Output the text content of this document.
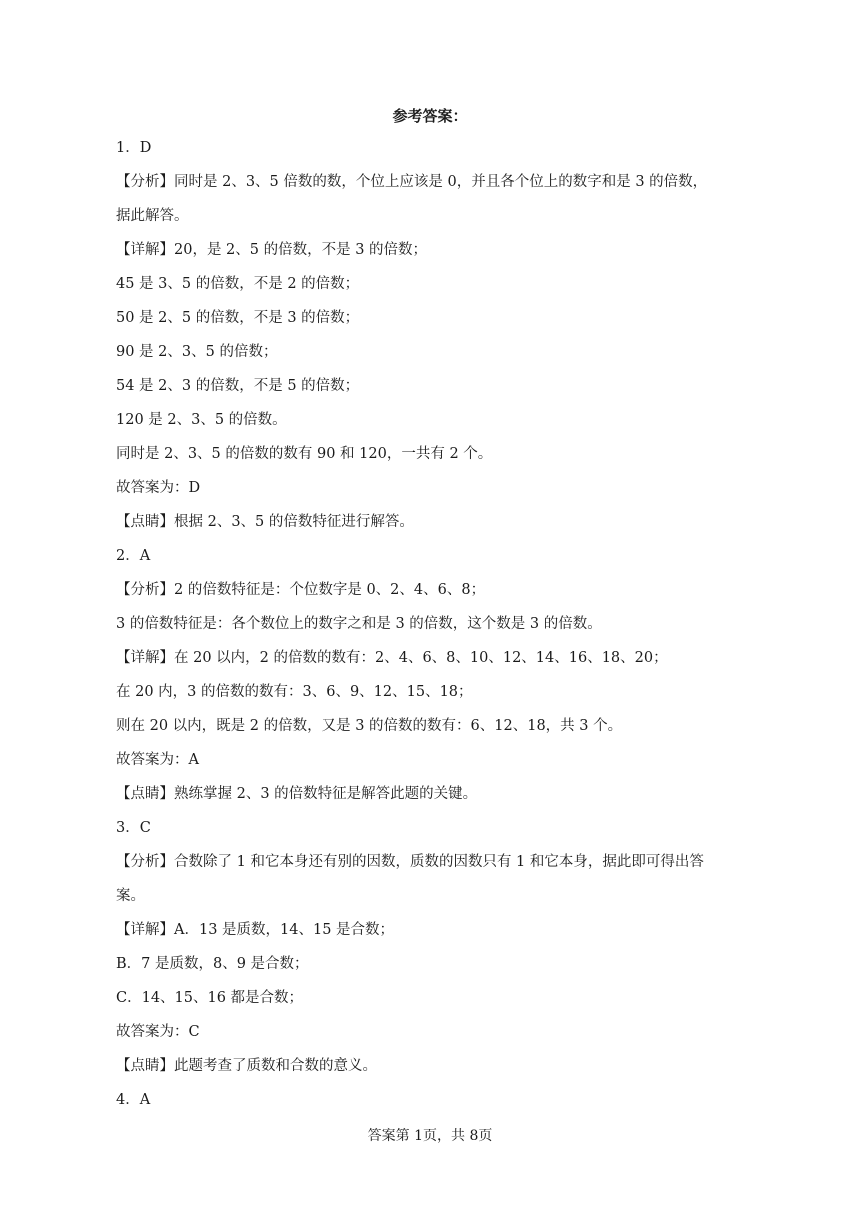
参考答案：
1．D
【分析】同时是 2、3、5 倍数的数，个位上应该是 0，并且各个位上的数字和是 3 的倍数，
据此解答。
【详解】20，是 2、5 的倍数，不是 3 的倍数；
45 是 3、5 的倍数，不是 2 的倍数；
50 是 2、5 的倍数，不是 3 的倍数；
90 是 2、3、5 的倍数；
54 是 2、3 的倍数，不是 5 的倍数；
120 是 2、3、5 的倍数。
同时是 2、3、5 的倍数的数有 90 和 120，一共有 2 个。
故答案为：D
【点睛】根据 2、3、5 的倍数特征进行解答。
2．A
【分析】2 的倍数特征是：个位数字是 0、2、4、6、8；
3 的倍数特征是：各个数位上的数字之和是 3 的倍数，这个数是 3 的倍数。
【详解】在 20 以内，2 的倍数的数有：2、4、6、8、10、12、14、16、18、20；
在 20 内，3 的倍数的数有：3、6、9、12、15、18；
则在 20 以内，既是 2 的倍数，又是 3 的倍数的数有：6、12、18，共 3 个。
故答案为：A
【点睛】熟练掌握 2、3 的倍数特征是解答此题的关键。
3．C
【分析】合数除了 1 和它本身还有别的因数，质数的因数只有 1 和它本身，据此即可得出答
案。
【详解】A．13 是质数，14、15 是合数；
B．7 是质数，8、9 是合数；
C．14、15、16 都是合数；
故答案为：C
【点睛】此题考查了质数和合数的意义。
4．A
答案第 1页，共 8页
